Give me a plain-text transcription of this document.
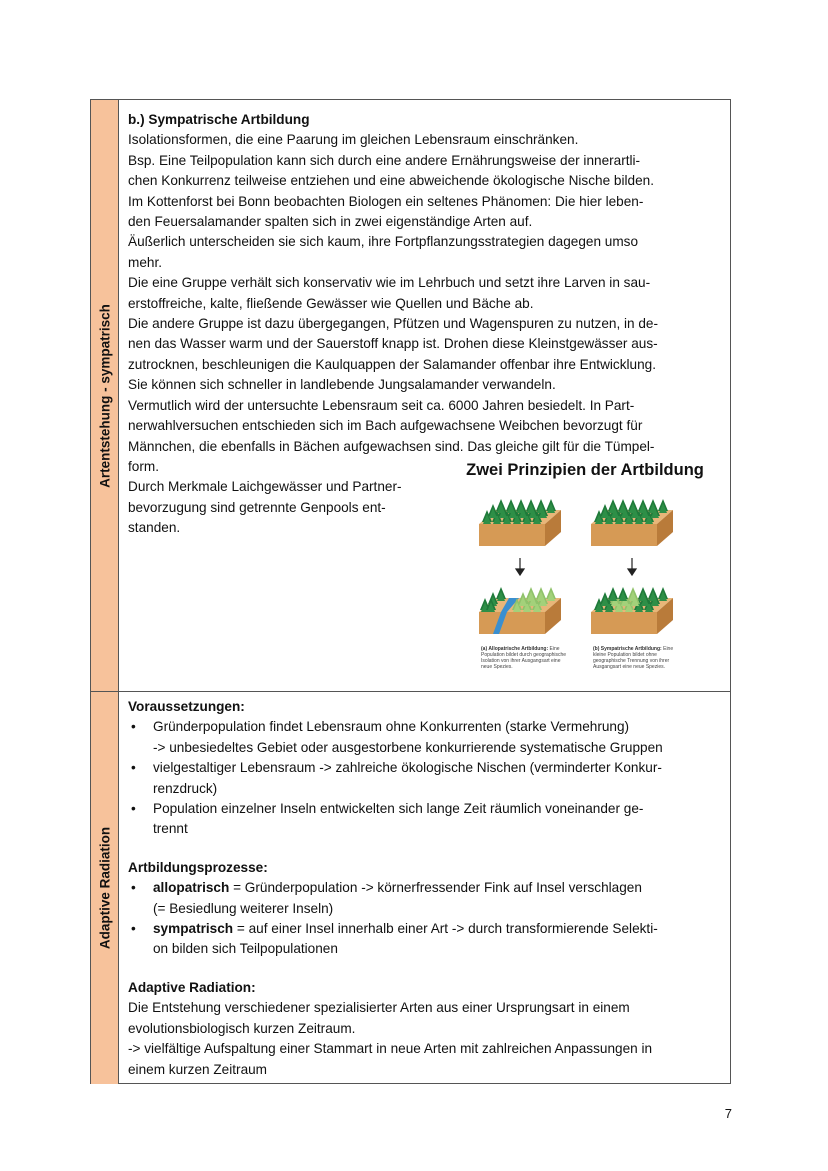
Artentstehung - sympatrisch

b.) Sympatrische Artbildung

Isolationsformen, die eine Paarung im gleichen Lebensraum einschränken.

Bsp. Eine Teilpopulation kann sich durch eine andere Ernährungsweise der innerartli-

chen Konkurrenz teilweise entziehen und eine abweichende ökologische Nische bilden.

Im Kottenforst bei Bonn beobachten Biologen ein seltenes Phänomen: Die hier leben-

den Feuersalamander spalten sich in zwei eigenständige Arten auf.

Äußerlich unterscheiden sie sich kaum, ihre Fortpflanzungsstrategien dagegen umso

mehr.

Die eine Gruppe verhält sich konservativ wie im Lehrbuch und setzt ihre Larven in sau-

erstoffreiche, kalte, fließende Gewässer wie Quellen und Bäche ab.

Die andere Gruppe ist dazu übergegangen, Pfützen und Wagenspuren zu nutzen, in de-

nen das Wasser warm und der Sauerstoff knapp ist. Drohen diese Kleinstgewässer aus-

zutrocknen, beschleunigen die Kaulquappen der Salamander offenbar ihre Entwicklung.

Sie können sich schneller in landlebende Jungsalamander verwandeln.

Vermutlich wird der untersuchte Lebensraum seit ca. 6000 Jahren besiedelt. In Part-

nerwahlversuchen entschieden sich im Bach aufgewachsene Weibchen bevorzugt für

Männchen, die ebenfalls in Bächen aufgewachsen sind. Das gleiche gilt für die Tümpel-

form.

Durch Merkmale Laichgewässer und Partner-

bevorzugung sind getrennte Genpools ent-

standen.

Zwei Prinzipien der Artbildung
(a) Allopatrische Artbildung: Eine Population bildet durch geographische Isolation von ihrer Ausgangsart eine neue Spezies.
(b) Sympatrische Artbildung: Eine kleine Population bildet ohne geographische Trennung von ihrer Ausgangsart eine neue Spezies.
Adaptive Radiation

Voraussetzungen:

• Gründerpopulation findet Lebensraum ohne Konkurrenten (starke Vermehrung)
-> unbesiedeltes Gebiet oder ausgestorbene konkurrierende systematische Gruppen
• vielgestaltiger Lebensraum -> zahlreiche ökologische Nischen (verminderter Konkur-
renzdruck)
• Population einzelner Inseln entwickelten sich lange Zeit räumlich voneinander ge-
trennt

Artbildungsprozesse:

• allopatrisch = Gründerpopulation -> körnerfressender Fink auf Insel verschlagen
(= Besiedlung weiterer Inseln)
• sympatrisch = auf einer Insel innerhalb einer Art -> durch transformierende Selekti-
on bilden sich Teilpopulationen

Adaptive Radiation:

Die Entstehung verschiedener spezialisierter Arten aus einer Ursprungsart in einem

evolutionsbiologisch kurzen Zeitraum.

-> vielfältige Aufspaltung einer Stammart in neue Arten mit zahlreichen Anpassungen in

einem kurzen Zeitraum

7
